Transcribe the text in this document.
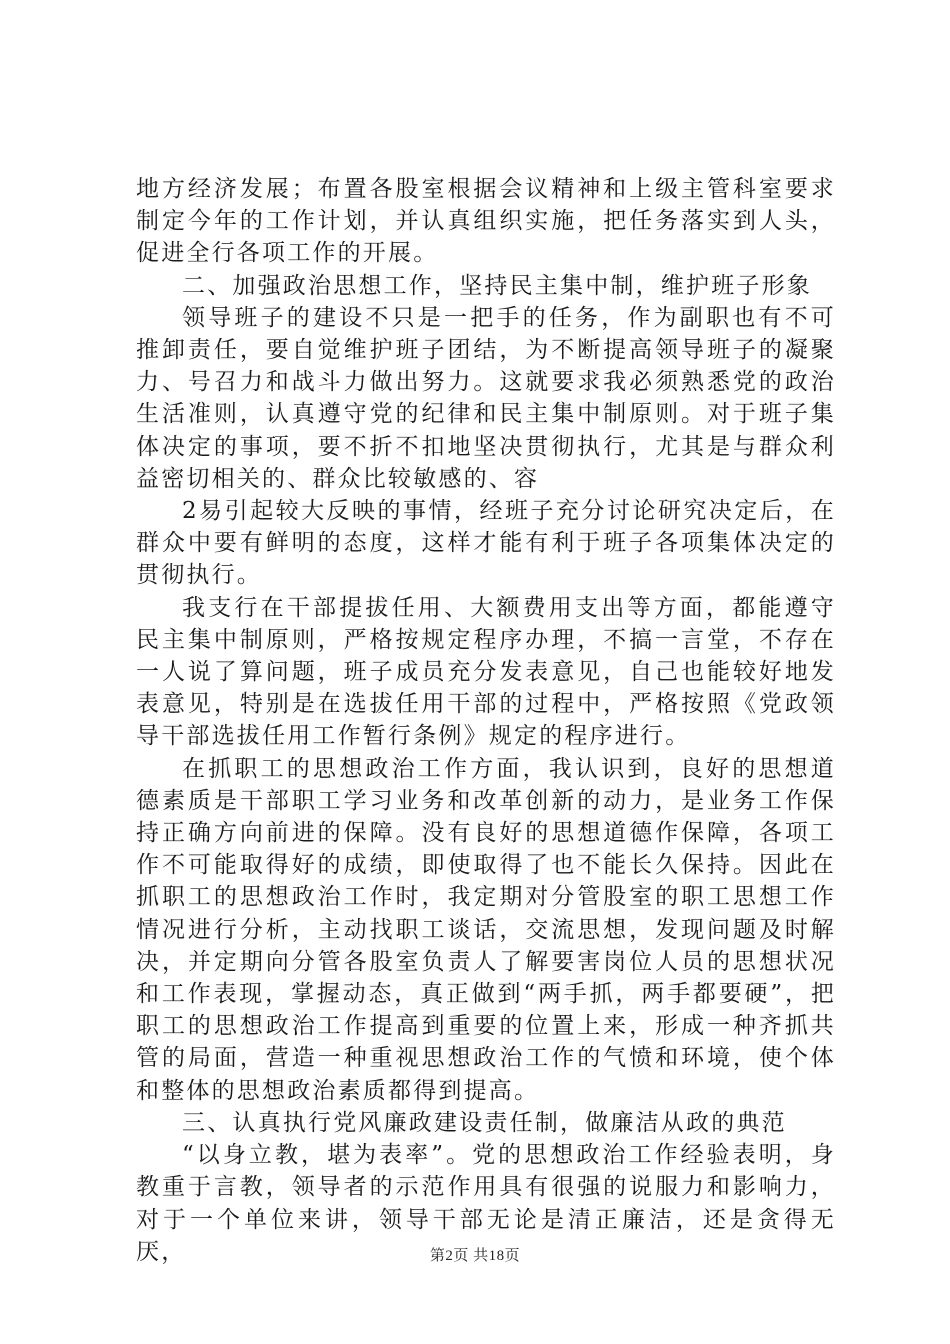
地方经济发展；布置各股室根据会议精神和上级主管科室要求制定今年的工作计划，并认真组织实施，把任务落实到人头，促进全行各项工作的开展。

二、加强政治思想工作，坚持民主集中制，维护班子形象

领导班子的建设不只是一把手的任务，作为副职也有不可推卸责任，要自觉维护班子团结，为不断提高领导班子的凝聚力、号召力和战斗力做出努力。这就要求我必须熟悉党的政治生活准则，认真遵守党的纪律和民主集中制原则。对于班子集体决定的事项，要不折不扣地坚决贯彻执行，尤其是与群众利益密切相关的、群众比较敏感的、容

2易引起较大反映的事情，经班子充分讨论研究决定后，在群众中要有鲜明的态度，这样才能有利于班子各项集体决定的贯彻执行。

我支行在干部提拔任用、大额费用支出等方面，都能遵守民主集中制原则，严格按规定程序办理，不搞一言堂，不存在一人说了算问题，班子成员充分发表意见，自己也能较好地发表意见，特别是在选拔任用干部的过程中，严格按照《党政领导干部选拔任用工作暂行条例》规定的程序进行。

在抓职工的思想政治工作方面，我认识到，良好的思想道德素质是干部职工学习业务和改革创新的动力，是业务工作保持正确方向前进的保障。没有良好的思想道德作保障，各项工作不可能取得好的成绩，即使取得了也不能长久保持。因此在抓职工的思想政治工作时，我定期对分管股室的职工思想工作情况进行分析，主动找职工谈话，交流思想，发现问题及时解决，并定期向分管各股室负责人了解要害岗位人员的思想状况和工作表现，掌握动态，真正做到“两手抓，两手都要硬”，把职工的思想政治工作提高到重要的位置上来，形成一种齐抓共管的局面，营造一种重视思想政治工作的气愤和环境，使个体和整体的思想政治素质都得到提高。

三、认真执行党风廉政建设责任制，做廉洁从政的典范

“以身立教，堪为表率”。党的思想政治工作经验表明，身教重于言教，领导者的示范作用具有很强的说服力和影响力，对于一个单位来讲，领导干部无论是清正廉洁，还是贪得无厌，	第2页 共18页
